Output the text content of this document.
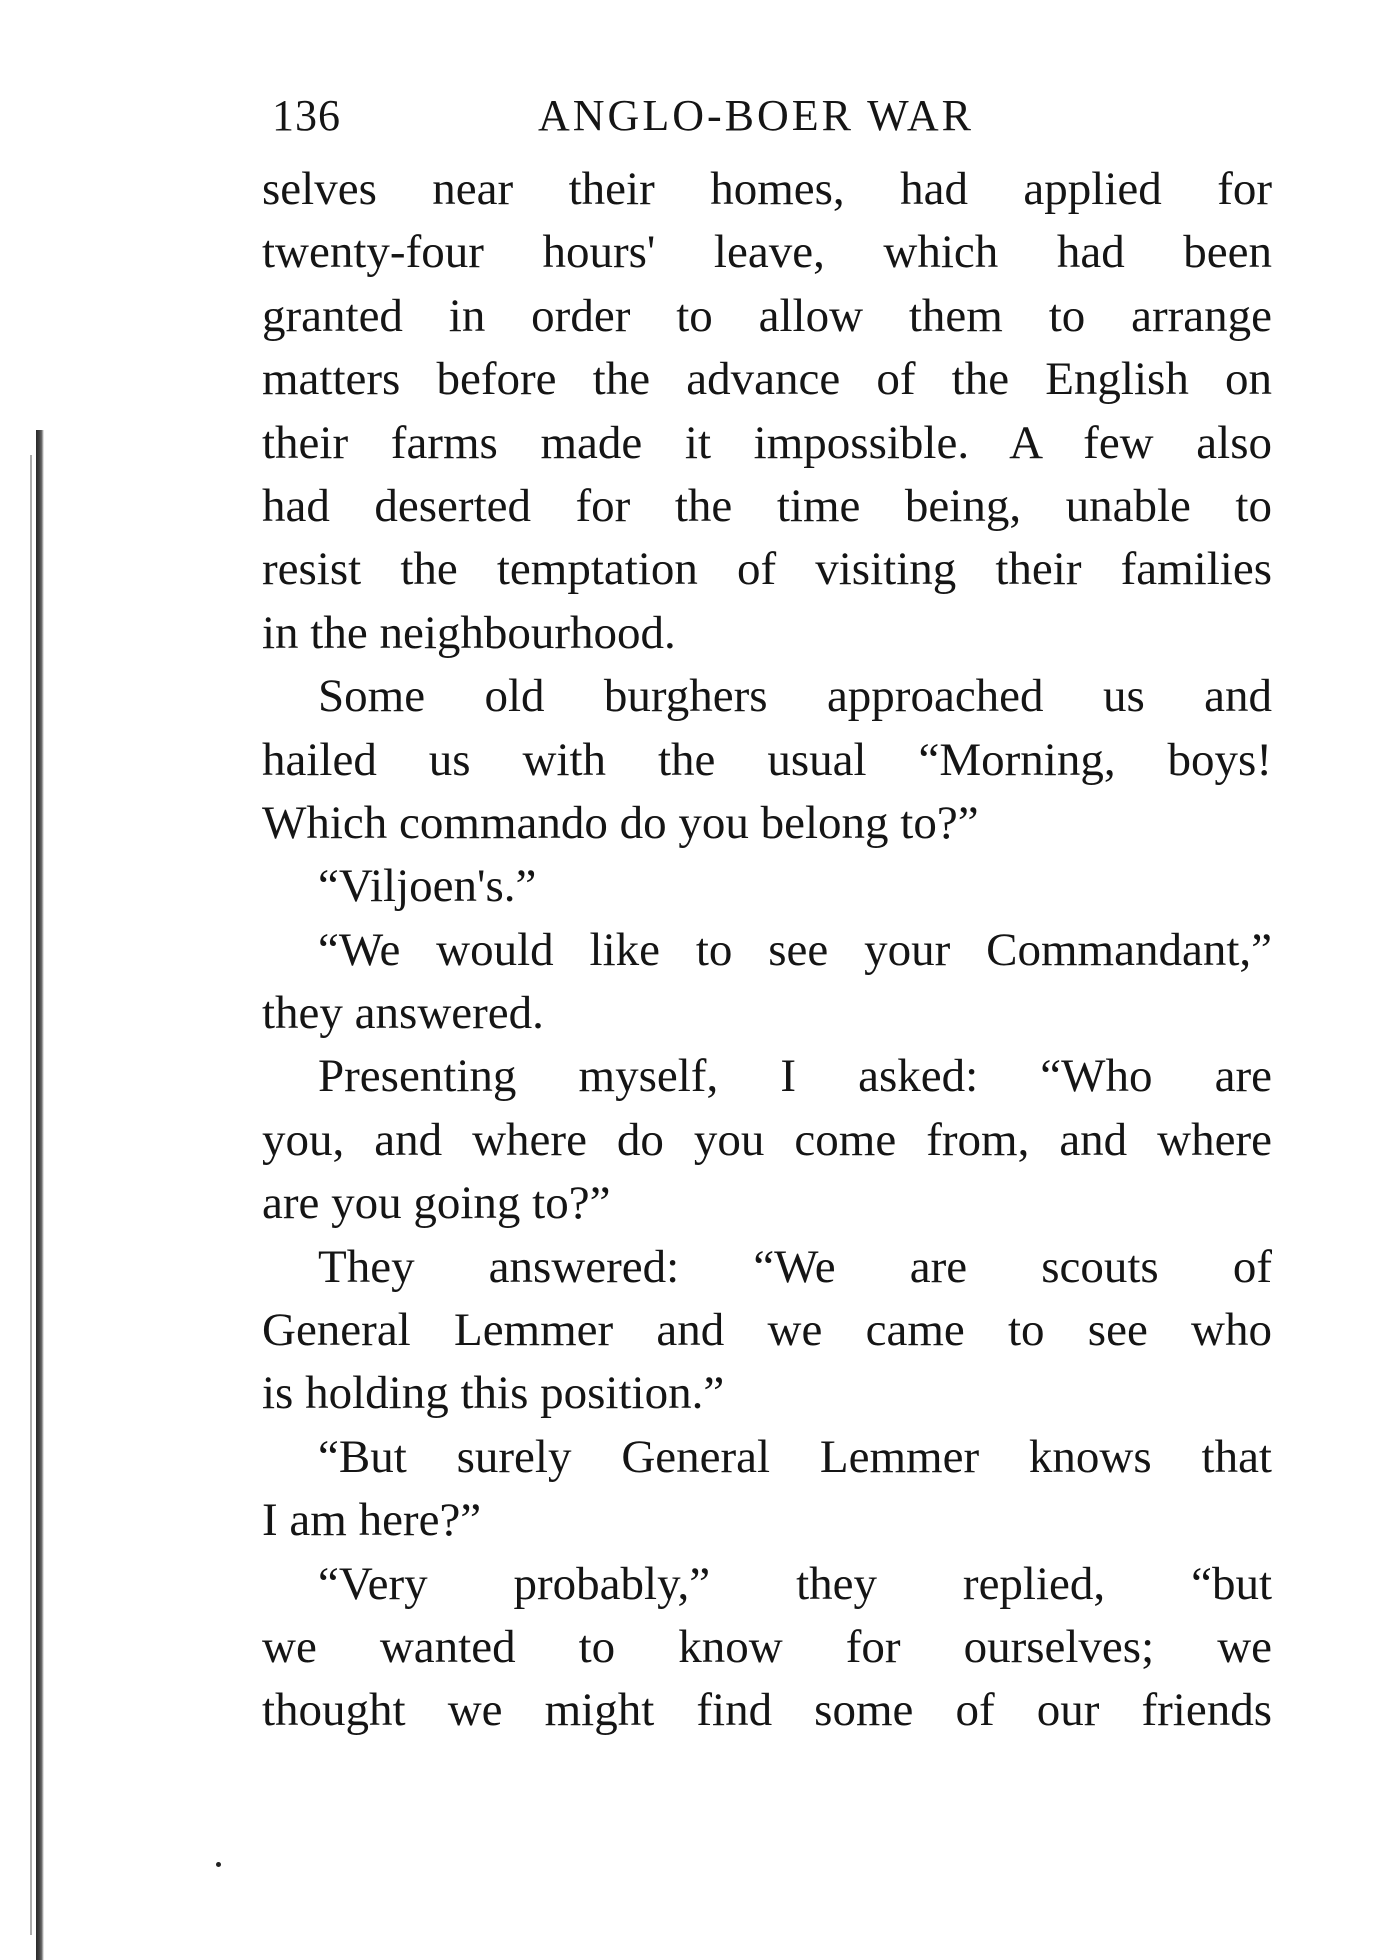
136	ANGLO-BOER WAR
selves near their homes, had applied for
twenty-four hours' leave, which had been
granted in order to allow them to arrange
matters before the advance of the English on
their farms made it impossible. A few also
had deserted for the time being, unable to
resist the temptation of visiting their families
in the neighbourhood.
Some old burghers approached us and
hailed us with the usual “Morning, boys!
Which commando do you belong to?”
“Viljoen's.”
“We would like to see your Commandant,”
they answered.
Presenting myself, I asked: “Who are
you, and where do you come from, and where
are you going to?”
They answered: “We are scouts of
General Lemmer and we came to see who
is holding this position.”
“But surely General Lemmer knows that
I am here?”
“Very probably,” they replied, “but
we wanted to know for ourselves; we
thought we might find some of our friends
